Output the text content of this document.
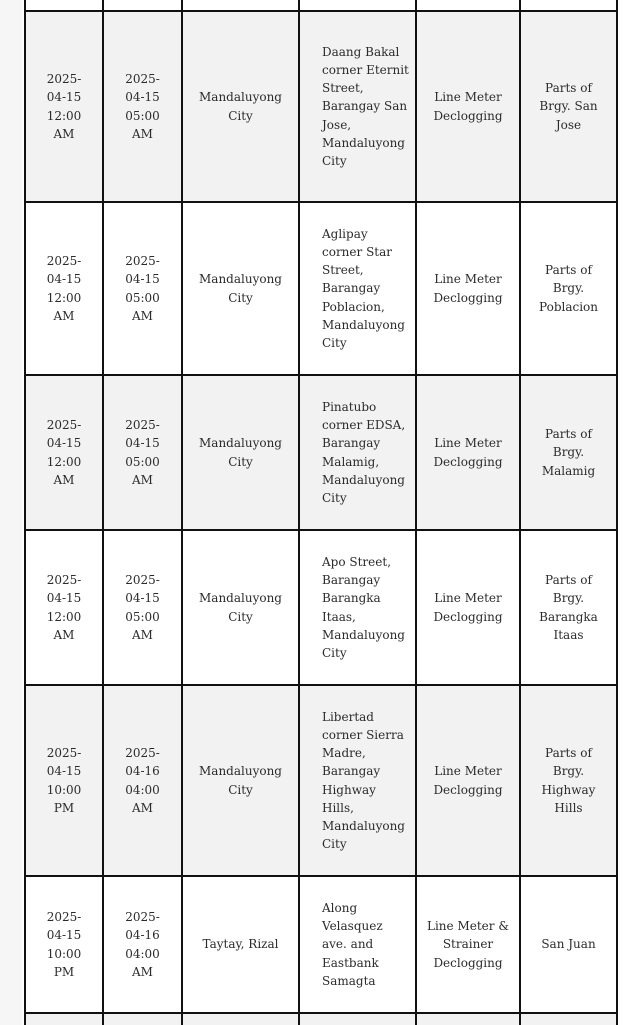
2025-
04-15
12:00
AM	2025-
04-15
05:00
AM	Mandaluyong City	Daang Bakal corner Eternit Street, Barangay San Jose, Mandaluyong City	Line Meter Declogging	Parts of Brgy. San Jose
2025-
04-15
12:00
AM	2025-
04-15
05:00
AM	Mandaluyong City	Aglipay corner Star Street, Barangay Poblacion, Mandaluyong City	Line Meter Declogging	Parts of Brgy. Poblacion
2025-
04-15
12:00
AM	2025-
04-15
05:00
AM	Mandaluyong City	Pinatubo corner EDSA, Barangay Malamig, Mandaluyong City	Line Meter Declogging	Parts of Brgy. Malamig
2025-
04-15
12:00
AM	2025-
04-15
05:00
AM	Mandaluyong City	Apo Street, Barangay Barangka Itaas, Mandaluyong City	Line Meter Declogging	Parts of Brgy. Barangka Itaas
2025-
04-15
10:00
PM	2025-
04-16
04:00
AM	Mandaluyong City	Libertad corner Sierra Madre, Barangay Highway Hills, Mandaluyong City	Line Meter Declogging	Parts of Brgy. Highway Hills
2025-
04-15
10:00
PM	2025-
04-16
04:00
AM	Taytay, Rizal	Along Velasquez ave. and Eastbank Samagta	Line Meter & Strainer Declogging	San Juan
